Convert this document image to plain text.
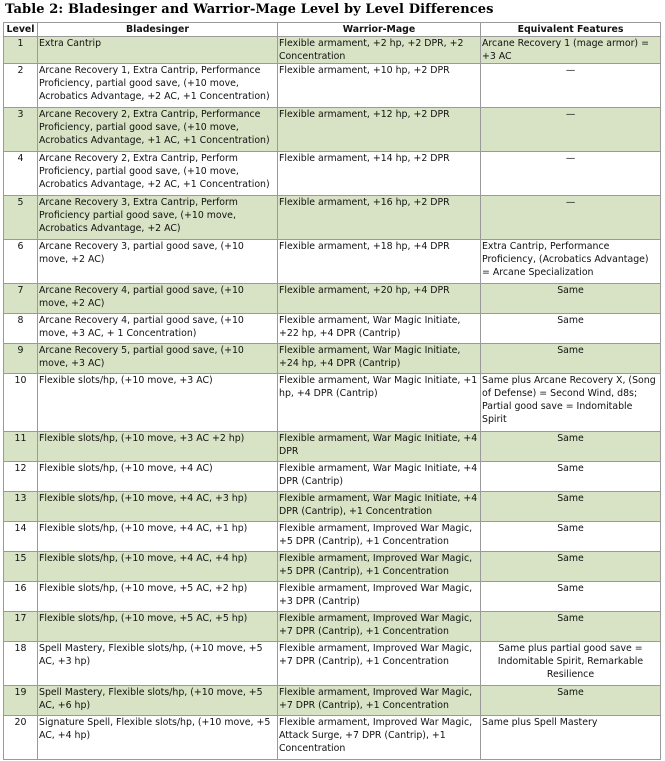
Table 2: Bladesinger and Warrior-Mage Level by Level Differences
Level	Bladesinger	Warrior-Mage	Equivalent Features
1	Extra Cantrip	Flexible armament, +2 hp, +2 DPR, +2 Concentration	Arcane Recovery 1 (mage armor) = +3 AC
2	Arcane Recovery 1, Extra Cantrip, Performance Proficiency, partial good save, (+10 move, Acrobatics Advantage, +2 AC, +1 Concentration)	Flexible armament, +10 hp, +2 DPR	—
3	Arcane Recovery 2, Extra Cantrip, Performance Proficiency, partial good save, (+10 move, Acrobatics Advantage, +1 AC, +1 Concentration)	Flexible armament, +12 hp, +2 DPR	—
4	Arcane Recovery 2, Extra Cantrip, Perform Proficiency, partial good save, (+10 move, Acrobatics Advantage, +2 AC, +1 Concentration)	Flexible armament, +14 hp, +2 DPR	—
5	Arcane Recovery 3, Extra Cantrip, Perform Proficiency partial good save, (+10 move, Acrobatics Advantage, +2 AC)	Flexible armament, +16 hp, +2 DPR	—
6	Arcane Recovery 3, partial good save, (+10 move, +2 AC)	Flexible armament, +18 hp, +4 DPR	Extra Cantrip, Performance Proficiency, (Acrobatics Advantage) = Arcane Specialization
7	Arcane Recovery 4, partial good save, (+10 move, +2 AC)	Flexible armament, +20 hp, +4 DPR	Same
8	Arcane Recovery 4, partial good save, (+10 move, +3 AC, + 1 Concentration)	Flexible armament, War Magic Initiate, +22 hp, +4 DPR (Cantrip)	Same
9	Arcane Recovery 5, partial good save, (+10 move, +3 AC)	Flexible armament, War Magic Initiate, +24 hp, +4 DPR (Cantrip)	Same
10	Flexible slots/hp, (+10 move, +3 AC)	Flexible armament, War Magic Initiate, +1 hp, +4 DPR (Cantrip)	Same plus Arcane Recovery X, (Song of Defense) = Second Wind, d8s; Partial good save = Indomitable Spirit
11	Flexible slots/hp, (+10 move, +3 AC +2 hp)	Flexible armament, War Magic Initiate, +4 DPR	Same
12	Flexible slots/hp, (+10 move, +4 AC)	Flexible armament, War Magic Initiate, +4 DPR (Cantrip)	Same
13	Flexible slots/hp, (+10 move, +4 AC, +3 hp)	Flexible armament, War Magic Initiate, +4 DPR (Cantrip), +1 Concentration	Same
14	Flexible slots/hp, (+10 move, +4 AC, +1 hp)	Flexible armament, Improved War Magic, +5 DPR (Cantrip), +1 Concentration	Same
15	Flexible slots/hp, (+10 move, +4 AC, +4 hp)	Flexible armament, Improved War Magic, +5 DPR (Cantrip), +1 Concentration	Same
16	Flexible slots/hp, (+10 move, +5 AC, +2 hp)	Flexible armament, Improved War Magic, +3 DPR (Cantrip)	Same
17	Flexible slots/hp, (+10 move, +5 AC, +5 hp)	Flexible armament, Improved War Magic, +7 DPR (Cantrip), +1 Concentration	Same
18	Spell Mastery, Flexible slots/hp, (+10 move, +5 AC, +3 hp)	Flexible armament, Improved War Magic, +7 DPR (Cantrip), +1 Concentration	Same plus partial good save = Indomitable Spirit, Remarkable Resilience
19	Spell Mastery, Flexible slots/hp, (+10 move, +5 AC, +6 hp)	Flexible armament, Improved War Magic, +7 DPR (Cantrip), +1 Concentration	Same
20	Signature Spell, Flexible slots/hp, (+10 move, +5 AC, +4 hp)	Flexible armament, Improved War Magic, Attack Surge, +7 DPR (Cantrip), +1 Concentration	Same plus Spell Mastery
